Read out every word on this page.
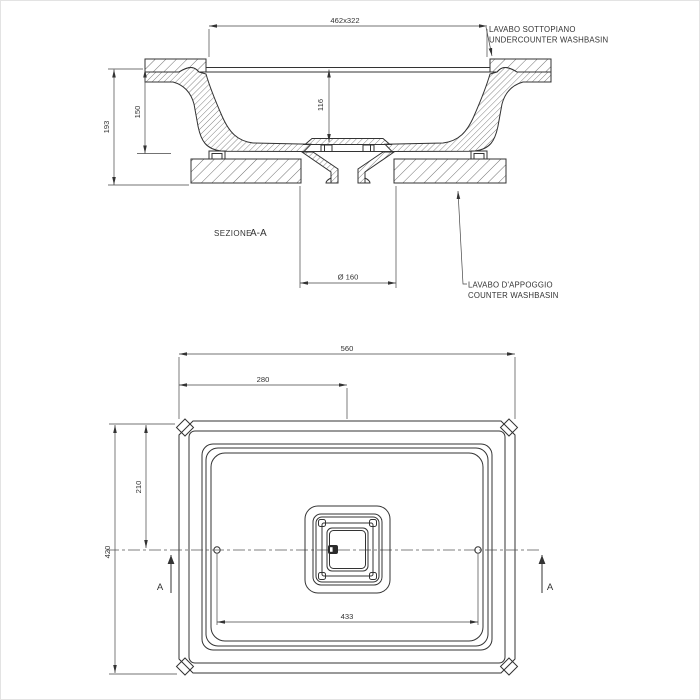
462x322
116
150
193
Ø 160
LAVABO SOTTOPIANO
UNDERCOUNTER WASHBASIN
LAVABO D'APPOGGIO
COUNTER WASHBASIN
SEZIONE
A-A
560
280
210
420
433
A	A
